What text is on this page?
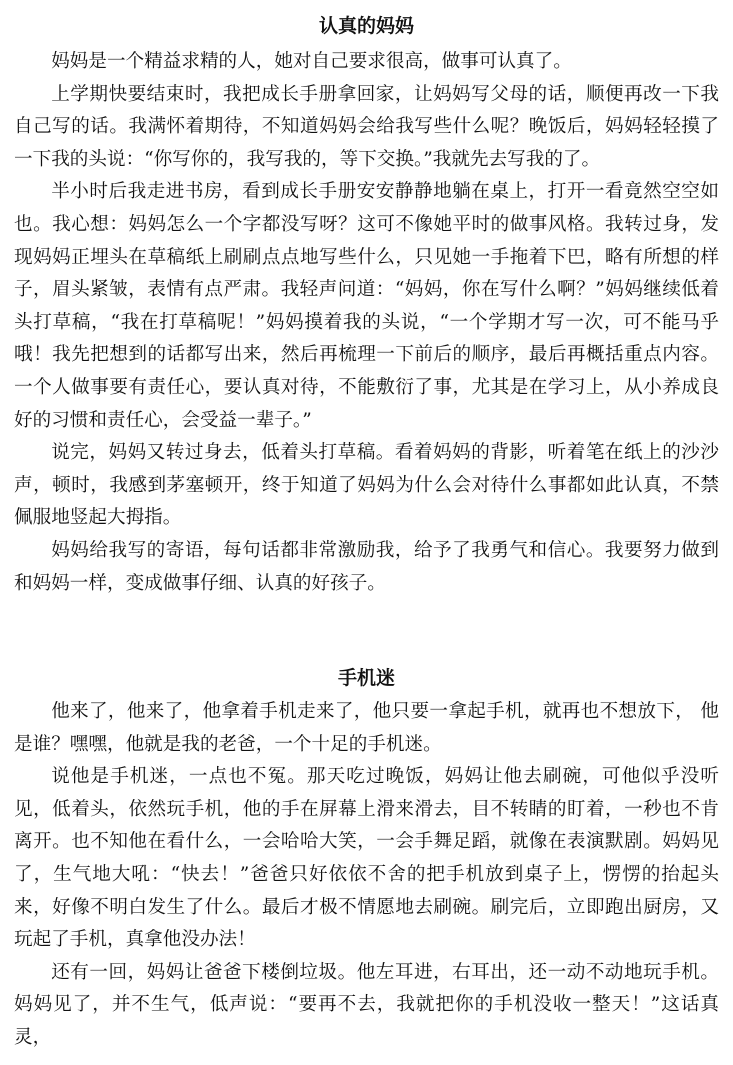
认真的妈妈

妈妈是一个精益求精的人，她对自己要求很高，做事可认真了。

上学期快要结束时，我把成长手册拿回家，让妈妈写父母的话，顺便再改一下我自己写的话。我满怀着期待，不知道妈妈会给我写些什么呢？晚饭后，妈妈轻轻摸了一下我的头说：“你写你的，我写我的，等下交换。”我就先去写我的了。

半小时后我走进书房，看到成长手册安安静静地躺在桌上，打开一看竟然空空如也。我心想：妈妈怎么一个字都没写呀？这可不像她平时的做事风格。我转过身，发现妈妈正埋头在草稿纸上刷刷点点地写些什么，只见她一手拖着下巴，略有所想的样子，眉头紧皱，表情有点严肃。我轻声问道：“妈妈，你在写什么啊？”妈妈继续低着头打草稿，“我在打草稿呢！”妈妈摸着我的头说，“一个学期才写一次，可不能马乎哦！我先把想到的话都写出来，然后再梳理一下前后的顺序，最后再概括重点内容。一个人做事要有责任心，要认真对待，不能敷衍了事，尤其是在学习上，从小养成良好的习惯和责任心，会受益一辈子。”

说完，妈妈又转过身去，低着头打草稿。看着妈妈的背影，听着笔在纸上的沙沙声，顿时，我感到茅塞顿开，终于知道了妈妈为什么会对待什么事都如此认真，不禁佩服地竖起大拇指。

妈妈给我写的寄语，每句话都非常激励我，给予了我勇气和信心。我要努力做到和妈妈一样，变成做事仔细、认真的好孩子。

手机迷

他来了，他来了，他拿着手机走来了，他只要一拿起手机，就再也不想放下， 他是谁？嘿嘿，他就是我的老爸，一个十足的手机迷。

说他是手机迷，一点也不冤。那天吃过晚饭，妈妈让他去刷碗，可他似乎没听见，低着头，依然玩手机，他的手在屏幕上滑来滑去，目不转睛的盯着，一秒也不肯离开。也不知他在看什么，一会哈哈大笑，一会手舞足蹈，就像在表演默剧。妈妈见了，生气地大吼：“快去！”爸爸只好依依不舍的把手机放到桌子上，愣愣的抬起头来，好像不明白发生了什么。最后才极不情愿地去刷碗。刷完后，立即跑出厨房，又玩起了手机，真拿他没办法！

还有一回，妈妈让爸爸下楼倒垃圾。他左耳进，右耳出，还一动不动地玩手机。妈妈见了，并不生气，低声说：“要再不去，我就把你的手机没收一整天！”这话真灵，
